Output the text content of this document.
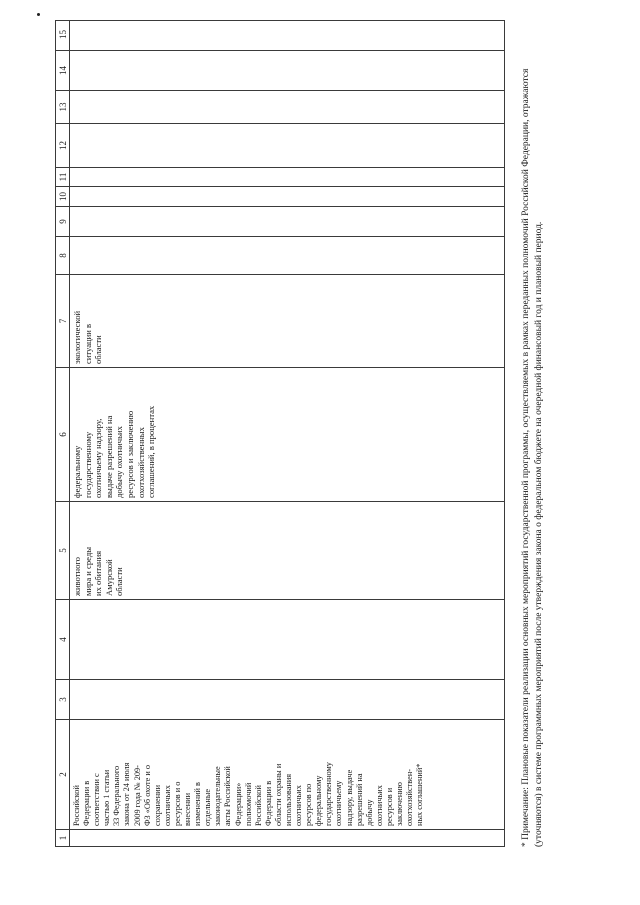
1
2
Российской
Федерации в
соответствии с
частью 1 статьи
33 Федерального
закона от 24 июля
2009 года № 209-
ФЗ «Об охоте и о
сохранении
охотничьих
ресурсов и о
внесении
изменений в
отдельные
законодательные
акты Российской
Федерации»
полномочий
Российской
Федерации в
области охраны и
использования
охотничьих
ресурсов по
федеральному
государственному
охотничьему
надзору, выдаче
разрешений на
добычу
охотничьих
ресурсов и
заключению
охотхозяйствен-
ных соглашений*
3
4
5
животного
мира и среды
их обитания
Амурской
области
6
федеральному
государственному
охотничьему надзору,
выдаче разрешений на
добычу охотничьих
ресурсов и заключению
охотхозяйственных
соглашений, в процентах
7 экологической
ситуации в
области
8
9
10
11
12
13
14
15
* Примечание: Плановые показатели реализации основных мероприятий государственной программы, осуществляемых в рамках переданных полномочий Российской Федерации, отражаются (уточняются) в системе программных мероприятий после утверждения закона о федеральном бюджете на очередной финансовый год и плановый период.
